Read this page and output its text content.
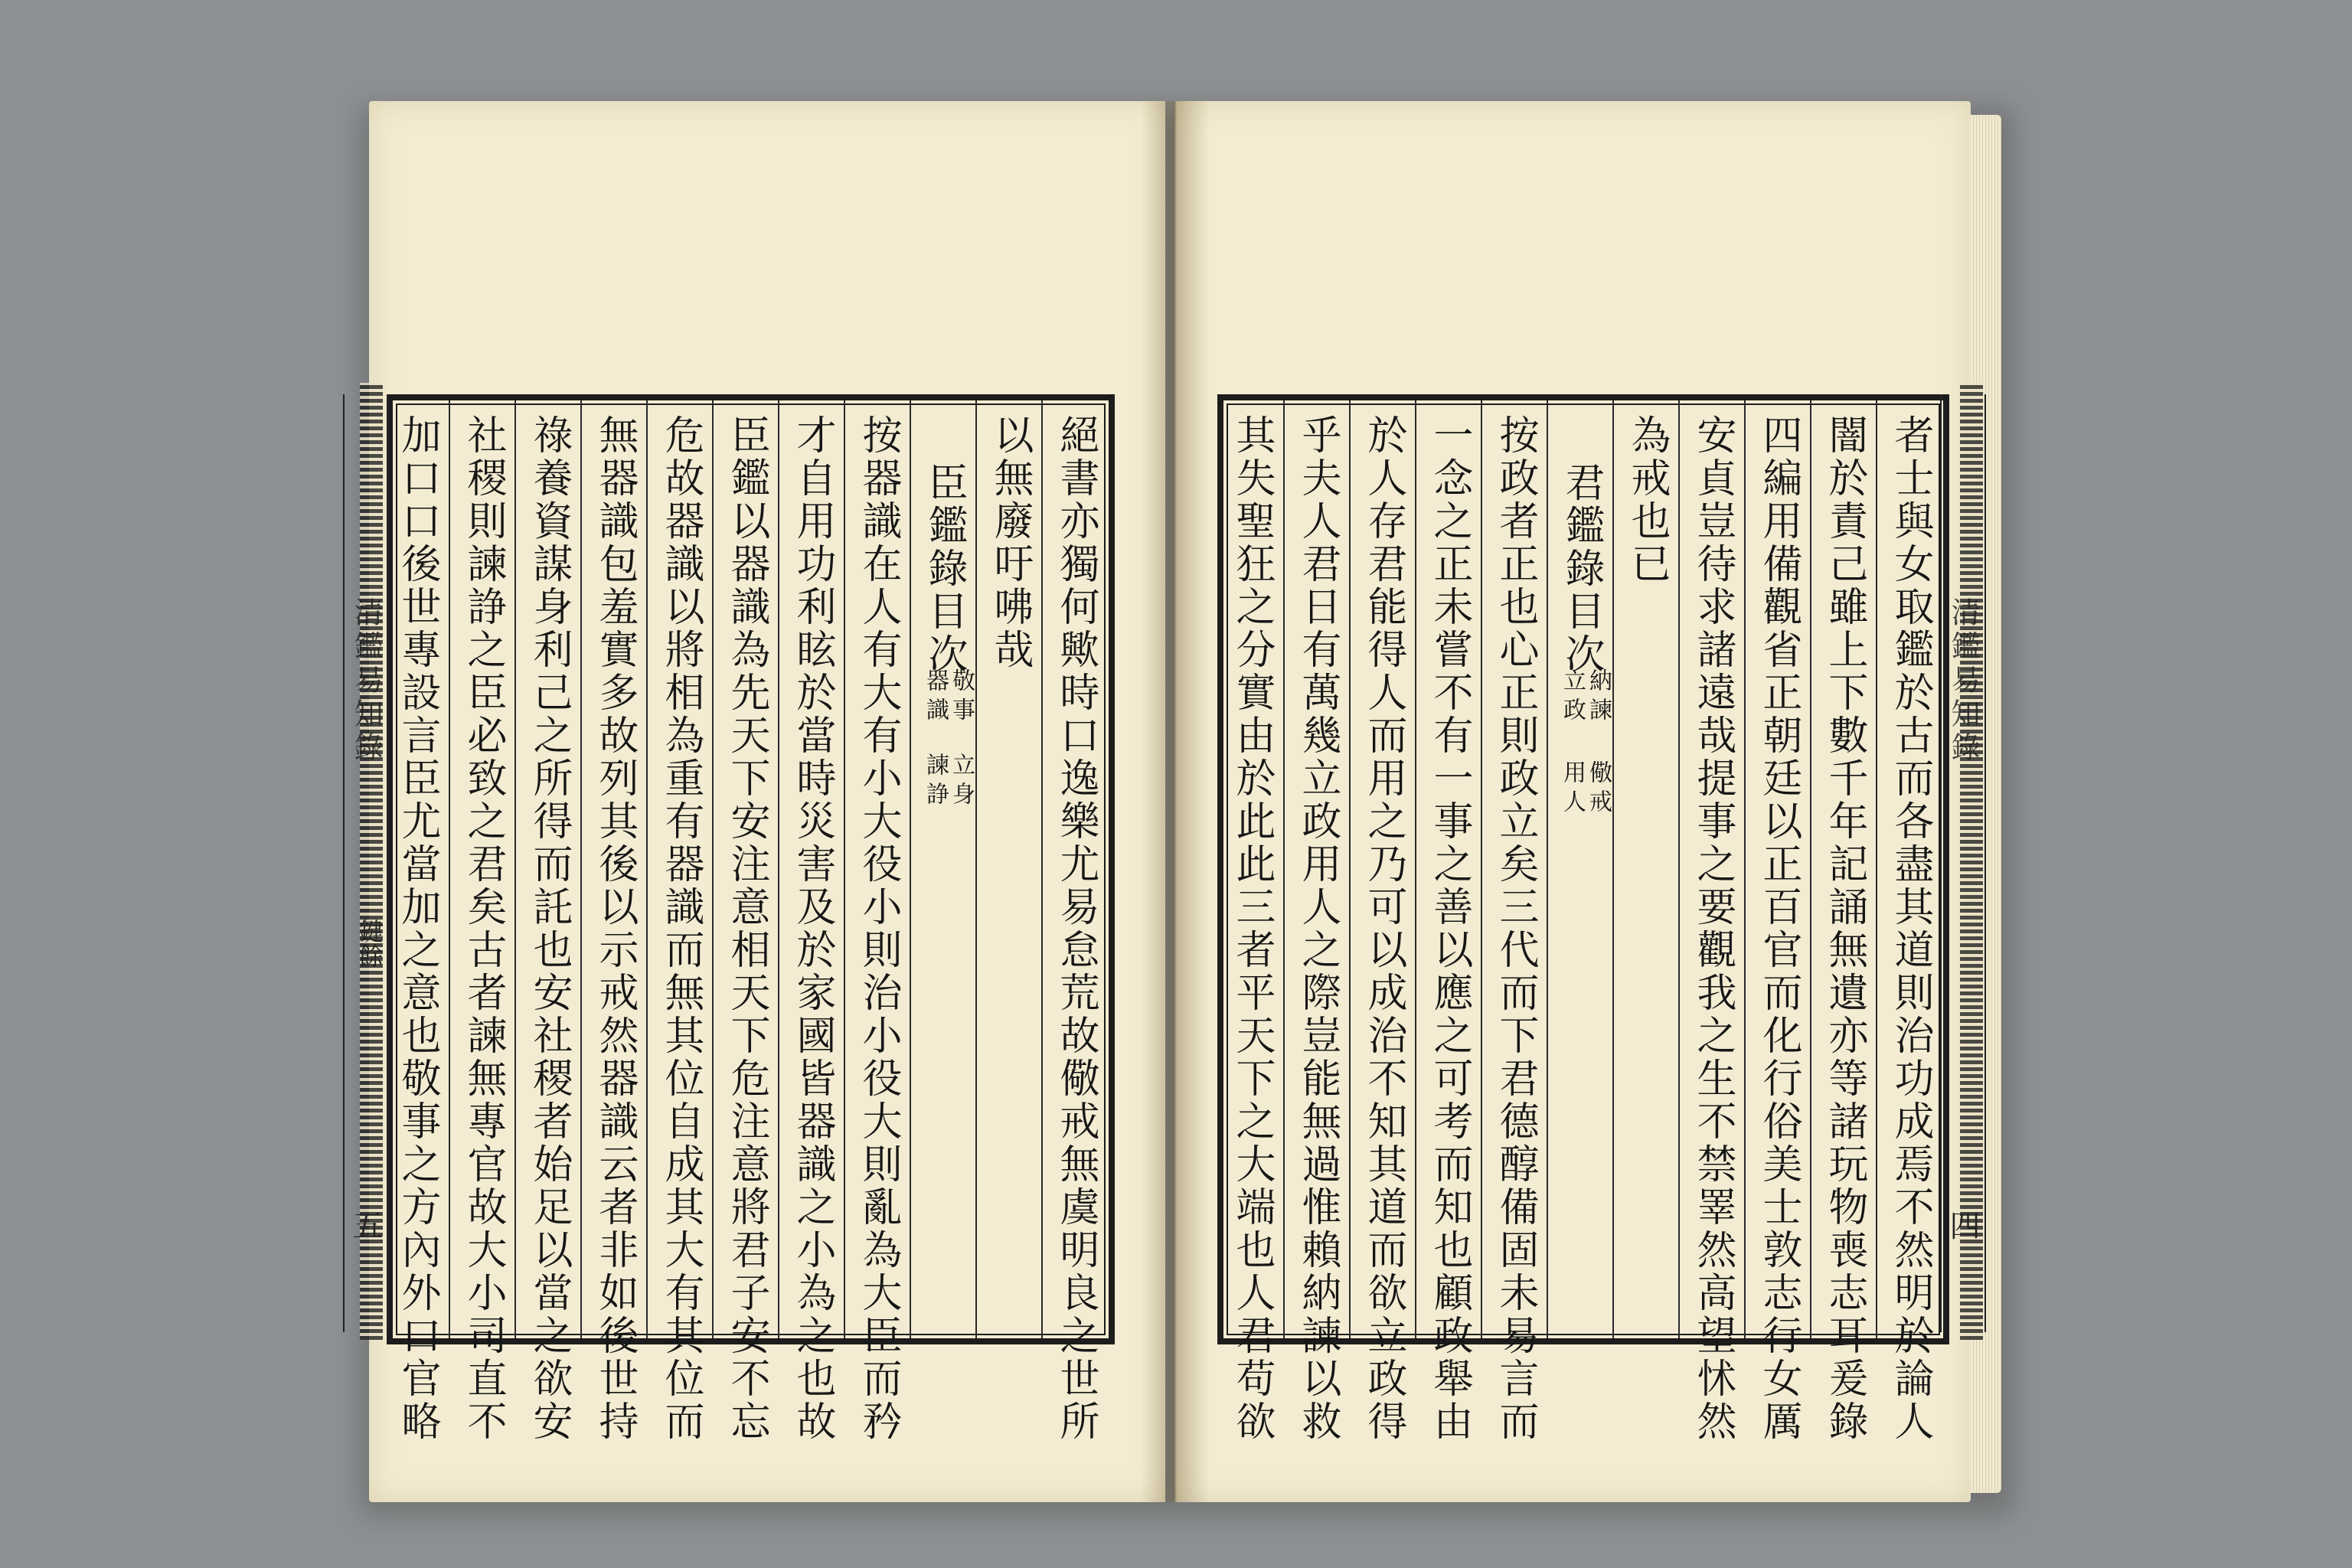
絕書亦獨何歟時口逸樂尤易怠荒故儆戒無虞明良之世所
以無廢吁咈哉
臣鑑錄目次
器識
諫諍
敬事
立身
按器識在人有大有小大役小則治小役大則亂為大臣而矜
才自用功利眩於當時災害及於家國皆器識之小為之也故
臣鑑以器識為先天下安注意相天下危注意將君子安不忘
危故器識以將相為重有器識而無其位自成其大有其位而
無器識包羞實多故列其後以示戒然器識云者非如後世持
祿養資謀身利己之所得而託也安社稷者始足以當之欲安
社稷則諫諍之臣必致之君矣古者諫無專官故大小司直不
加口口後世專設言臣尤當加之意也敬事之方內外口官略
清鑑易知錄
鍵餘
五	者士與女取鑑於古而各盡其道則治功成焉不然明於論人
闇於責己雖上下數千年記誦無遺亦等諸玩物喪志耳爰錄
四編用備觀省正朝廷以正百官而化行俗美士敦志行女厲
安貞豈待求諸遠哉提事之要觀我之生不禁睪然高望怵然
為戒也已
君鑑錄目次
立政
用人
納諫
儆戒
按政者正也心正則政立矣三代而下君德醇備固未易言而
一念之正未嘗不有一事之善以應之可考而知也顧政舉由
於人存君能得人而用之乃可以成治不知其道而欲立政得
乎夫人君日有萬幾立政用人之際豈能無過惟賴納諫以救
其失聖狂之分實由於此此三者平天下之大端也人君苟欲	清鑑易知錄
四
